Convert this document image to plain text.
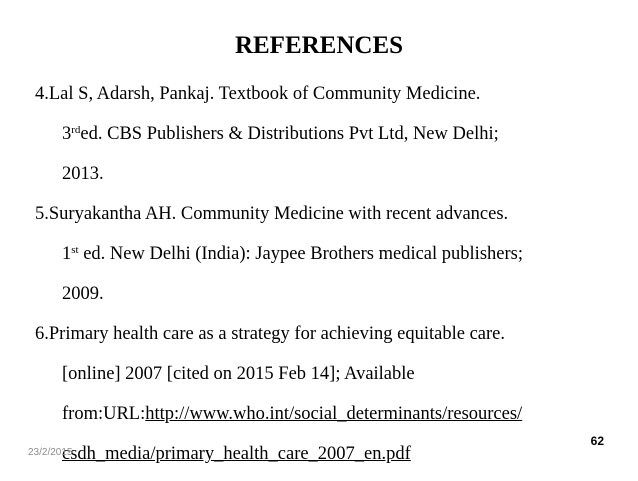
REFERENCES
4.Lal S, Adarsh, Pankaj. Textbook of Community Medicine.
3rded. CBS Publishers & Distributions Pvt Ltd, New Delhi;
2013.
5.Suryakantha AH. Community Medicine with recent advances.
1st ed. New Delhi (India): Jaypee Brothers medical publishers;
2009.
6.Primary health care as a strategy for achieving equitable care.
[online] 2007 [cited on 2015 Feb 14]; Available
from:URL:http://www.who.int/social_determinants/resources/
csdh_media/primary_health_care_2007_en.pdf
23/2/2015
62
